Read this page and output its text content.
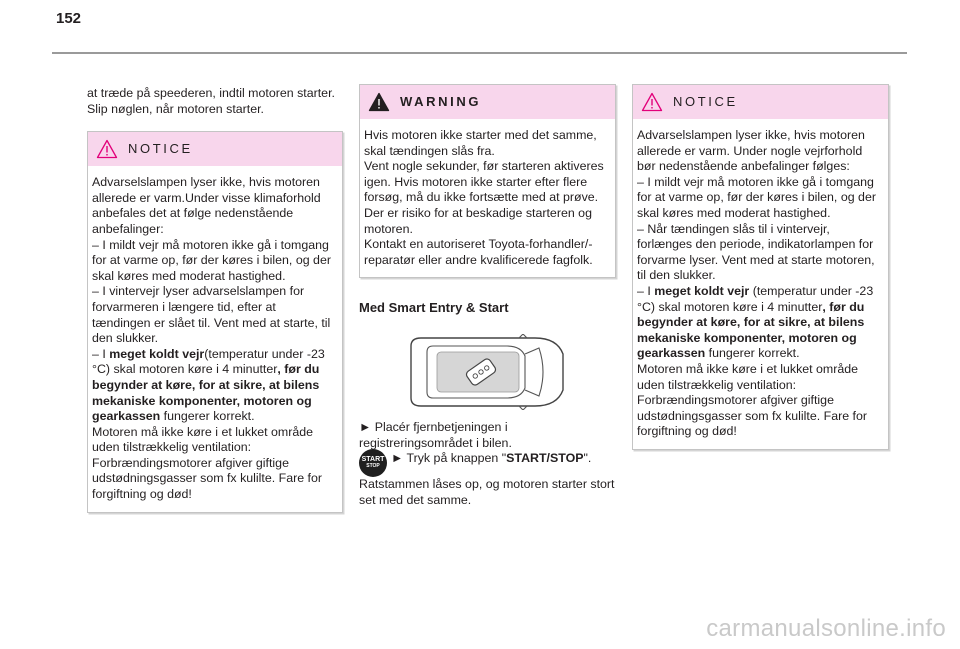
152

at træde på speederen, indtil motoren starter.
Slip nøglen, når motoren starter.

NOTICE

Advarselslampen lyser ikke, hvis motoren allerede er varm.Under visse klimaforhold anbefales det at følge nedenstående anbefalinger:

– I mildt vejr må motoren ikke gå i tomgang for at varme op, før der køres i bilen, og der skal køres med moderat hastighed.

– I vintervejr lyser advarselslampen for forvarmeren i længere tid, efter at tændingen er slået til. Vent med at starte, til den slukker.

– I meget koldt vejr(temperatur under -23 °C) skal motoren køre i 4 minutter, før du begynder at køre, for at sikre, at bilens mekaniske komponenter, motoren og gearkassen fungerer korrekt.

Motoren må ikke køre i et lukket område uden tilstrækkelig ventilation: Forbrændingsmotorer afgiver giftige udstødningsgasser som fx kulilte. Fare for forgiftning og død!

WARNING

Hvis motoren ikke starter med det samme, skal tændingen slås fra.

Vent nogle sekunder, før starteren aktiveres igen. Hvis motoren ikke starter efter flere forsøg, må du ikke fortsætte med at prøve. Der er risiko for at beskadige starteren og motoren.

Kontakt en autoriseret Toyota-forhandler/-reparatør eller andre kvalificerede fagfolk.

Med Smart Entry & Start

► Placér fjernbetjeningen i registreringsområdet i bilen.

START
STOP

► Tryk på knappen "START/STOP".

Ratstammen låses op, og motoren starter stort set med det samme.

NOTICE

Advarselslampen lyser ikke, hvis motoren allerede er varm. Under nogle vejrforhold bør nedenstående anbefalinger følges:

– I mildt vejr må motoren ikke gå i tomgang for at varme op, før der køres i bilen, og der skal køres med moderat hastighed.

– Når tændingen slås til i vintervejr, forlænges den periode, indikatorlampen for forvarme lyser. Vent med at starte motoren, til den slukker.

– I meget koldt vejr (temperatur under -23 °C) skal motoren køre i 4 minutter, før du begynder at køre, for at sikre, at bilens mekaniske komponenter, motoren og gearkassen fungerer korrekt.

Motoren må ikke køre i et lukket område uden tilstrækkelig ventilation: Forbrændingsmotorer afgiver giftige udstødningsgasser som fx kulilte. Fare for forgiftning og død!

carmanualsonline.info
